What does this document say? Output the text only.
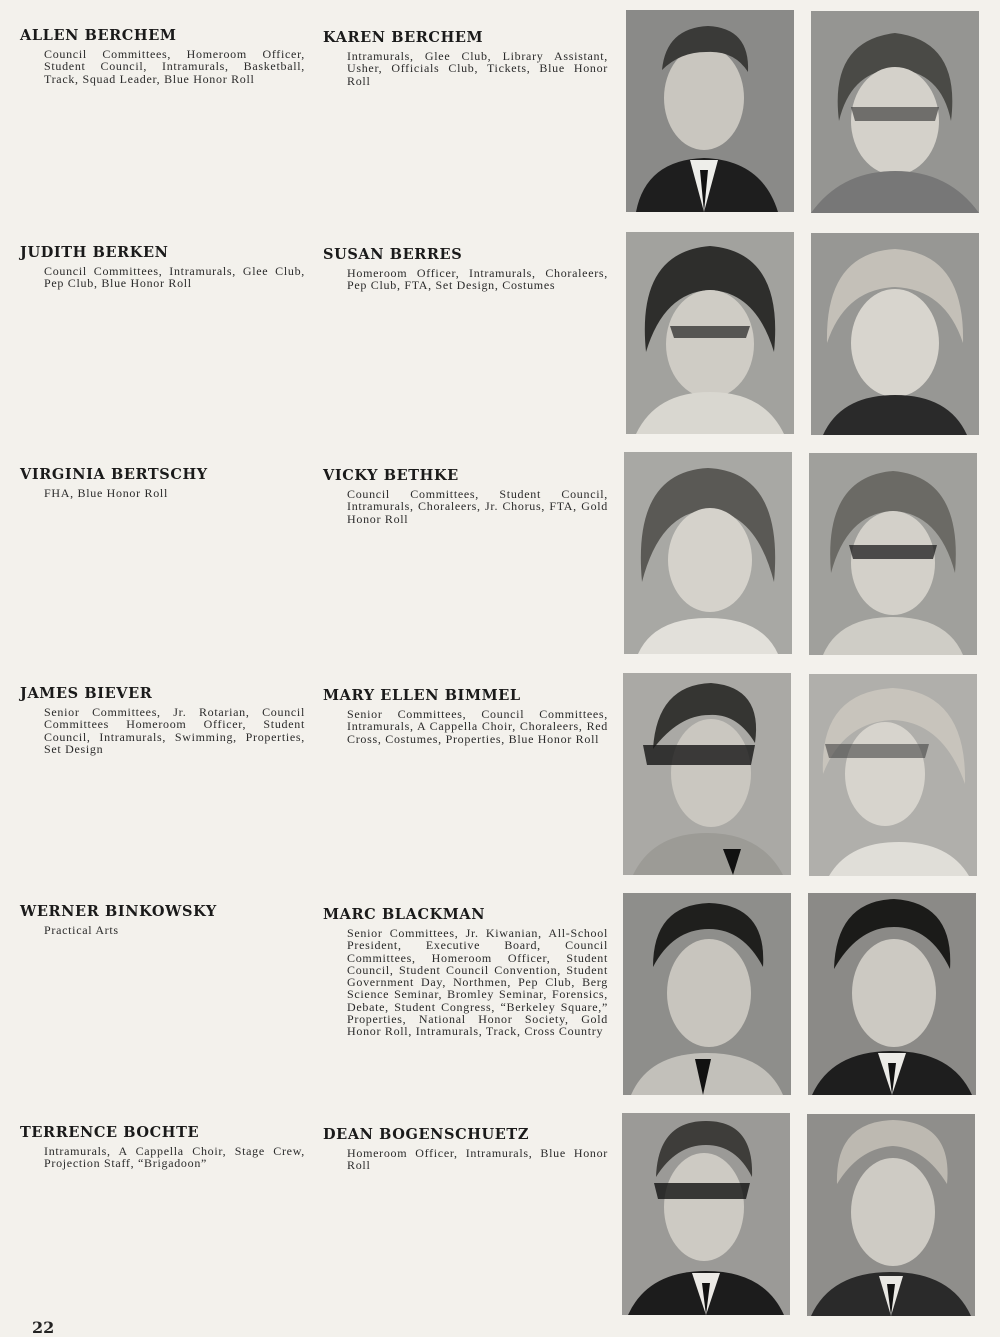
ALLEN BERCHEM
Council Committees, Homeroom Officer, Student Council, Intramurals, Basketball, Track, Squad Leader, Blue Honor Roll
KAREN BERCHEM
Intramurals, Glee Club, Library Assistant, Usher, Officials Club, Tickets, Blue Honor Roll
JUDITH BERKEN
Council Committees, Intramurals, Glee Club, Pep Club, Blue Honor Roll
SUSAN BERRES
Homeroom Officer, Intramurals, Choraleers, Pep Club, FTA, Set Design, Costumes
VIRGINIA BERTSCHY
FHA, Blue Honor Roll
VICKY BETHKE
Council Committees, Student Council, Intramurals, Choraleers, Jr. Chorus, FTA, Gold Honor Roll
JAMES BIEVER
Senior Committees, Jr. Rotarian, Council Committees Homeroom Officer, Student Council, Intramurals, Swimming, Properties, Set Design
MARY ELLEN BIMMEL
Senior Committees, Council Committees, Intramurals, A Cappella Choir, Choraleers, Red Cross, Costumes, Properties, Blue Honor Roll
WERNER BINKOWSKY
Practical Arts
MARC BLACKMAN
Senior Committees, Jr. Kiwanian, All-School President, Executive Board, Council Committees, Homeroom Officer, Student Council, Student Council Convention, Student Government Day, Northmen, Pep Club, Berg Science Seminar, Bromley Seminar, Forensics, Debate, Student Congress, “Berkeley Square,” Properties, National Honor Society, Gold Honor Roll, Intramurals, Track, Cross Country
TERRENCE BOCHTE
Intramurals, A Cappella Choir, Stage Crew, Projection Staff, “Brigadoon”
DEAN BOGENSCHUETZ
Homeroom Officer, Intramurals, Blue Honor Roll
22
